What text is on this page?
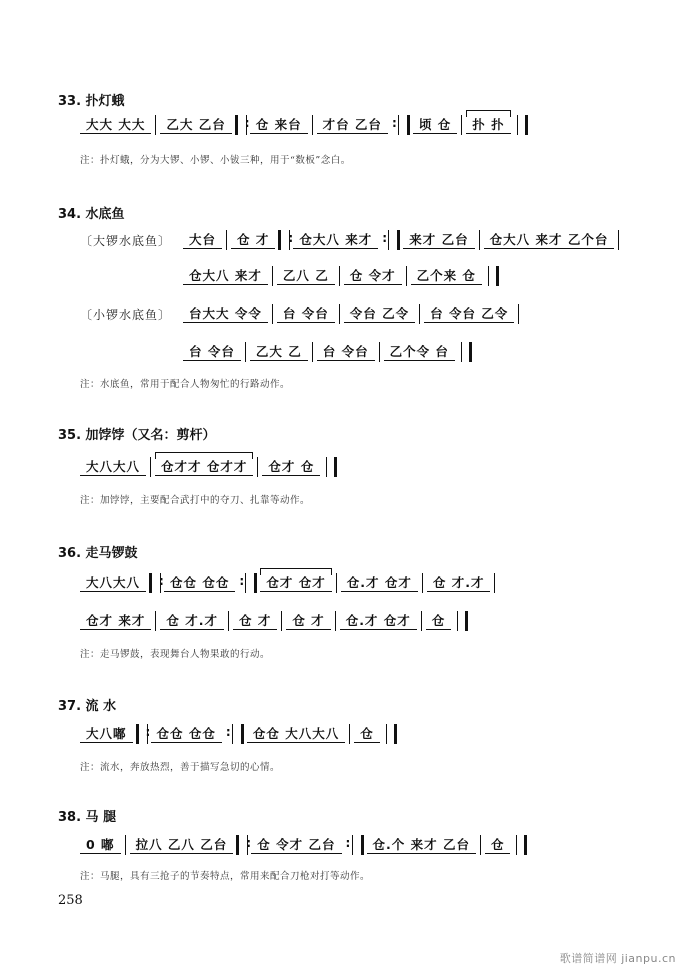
33. 扑灯蛾
大大 大大	乙大 乙台 :	仓 来台	才台 乙台 :	顷 仓	扑 扑
注：扑灯蛾，分为大锣、小锣、小钹三种，用于“数板”念白。
34. 水底鱼
〔大锣水底鱼〕	大台	仓 才 :	仓大八 来才 :	来才 乙台	仓大八 来才 乙个台
仓大八 来才	乙八 乙	仓 令才	乙个来 仓
〔小锣水底鱼〕	台大大 令令	台 令台	令台 乙令	台 令台 乙令
台 令台	乙大 乙	台 令台	乙个令 台
注：水底鱼，常用于配合人物匆忙的行路动作。
35. 加饽饽（又名：剪杆）
大八大八	仓才才 仓才才	仓才 仓
注：加饽饽，主要配合武打中的夺刀、扎靠等动作。
36. 走马锣鼓
大八大八 :	仓仓 仓仓 :	仓才 仓才	仓.才 仓才	仓 才.才
仓才 来才	仓 才.才	仓 才	仓 才	仓.才 仓才	仓
注：走马锣鼓，表现舞台人物果敢的行动。
37. 流 水
大八嘟 :	仓仓 仓仓 :	仓仓 大八大八	仓
注：流水，奔放热烈，善于描写急切的心情。
38. 马 腿
0 嘟	拉八 乙八 乙台 :	仓 令才 乙台 :	仓.个 来才 乙台	仓
注：马腿，具有三抢子的节奏特点，常用来配合刀枪对打等动作。
258
歌谱简谱网 jianpu.cn
